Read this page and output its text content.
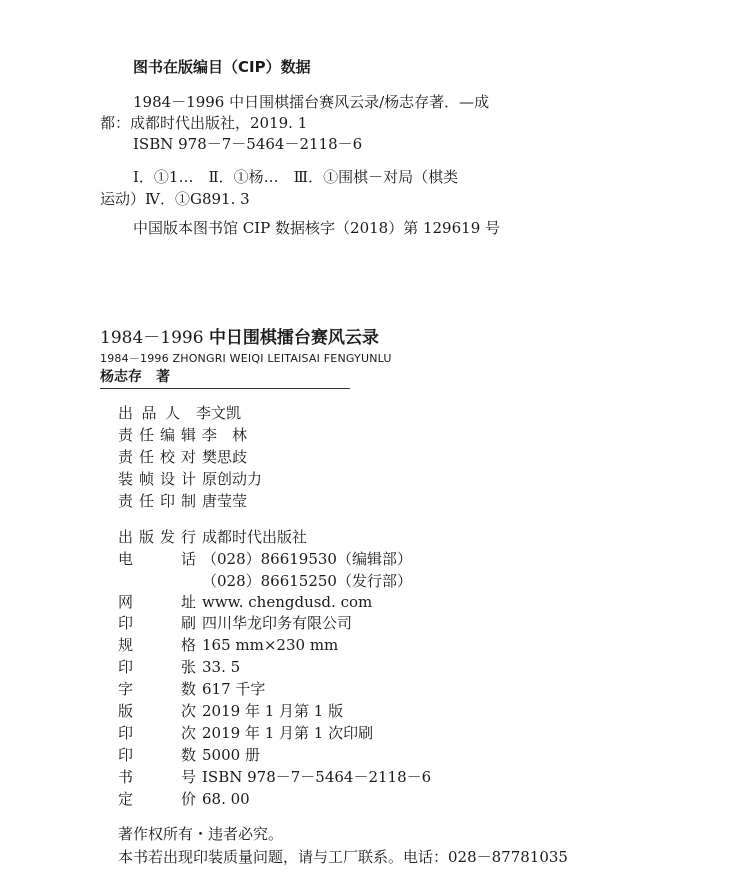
图书在版编目（CIP）数据
1984－1996 中日围棋擂台赛风云录/杨志存著．—成
都：成都时代出版社，2019. 1
ISBN 978－7－5464－2118－6
Ⅰ．①1…　Ⅱ．①杨…　Ⅲ．①围棋－对局（棋类
运动）Ⅳ．①G891. 3
中国版本图书馆 CIP 数据核字（2018）第 129619 号
1984－1996 中日围棋擂台赛风云录
1984－1996 ZHONGRI WEIQI LEITAISAI FENGYUNLU
杨志存　著
出品人 李文凯
责任编辑 李　林
责任校对 樊思歧
装帧设计 原创动力
责任印制 唐莹莹
出版发行 成都时代出版社
电话 （028）86619530（编辑部）
（028）86615250（发行部）
网址 www. chengdusd. com
印刷 四川华龙印务有限公司
规格 165 mm×230 mm
印张 33. 5
字数 617 千字
版次 2019 年 1 月第 1 版
印次 2019 年 1 月第 1 次印刷
印数 5000 册
书号 ISBN 978－7－5464－2118－6
定价 68. 00
著作权所有・违者必究。
本书若出现印装质量问题，请与工厂联系。电话：028－87781035
